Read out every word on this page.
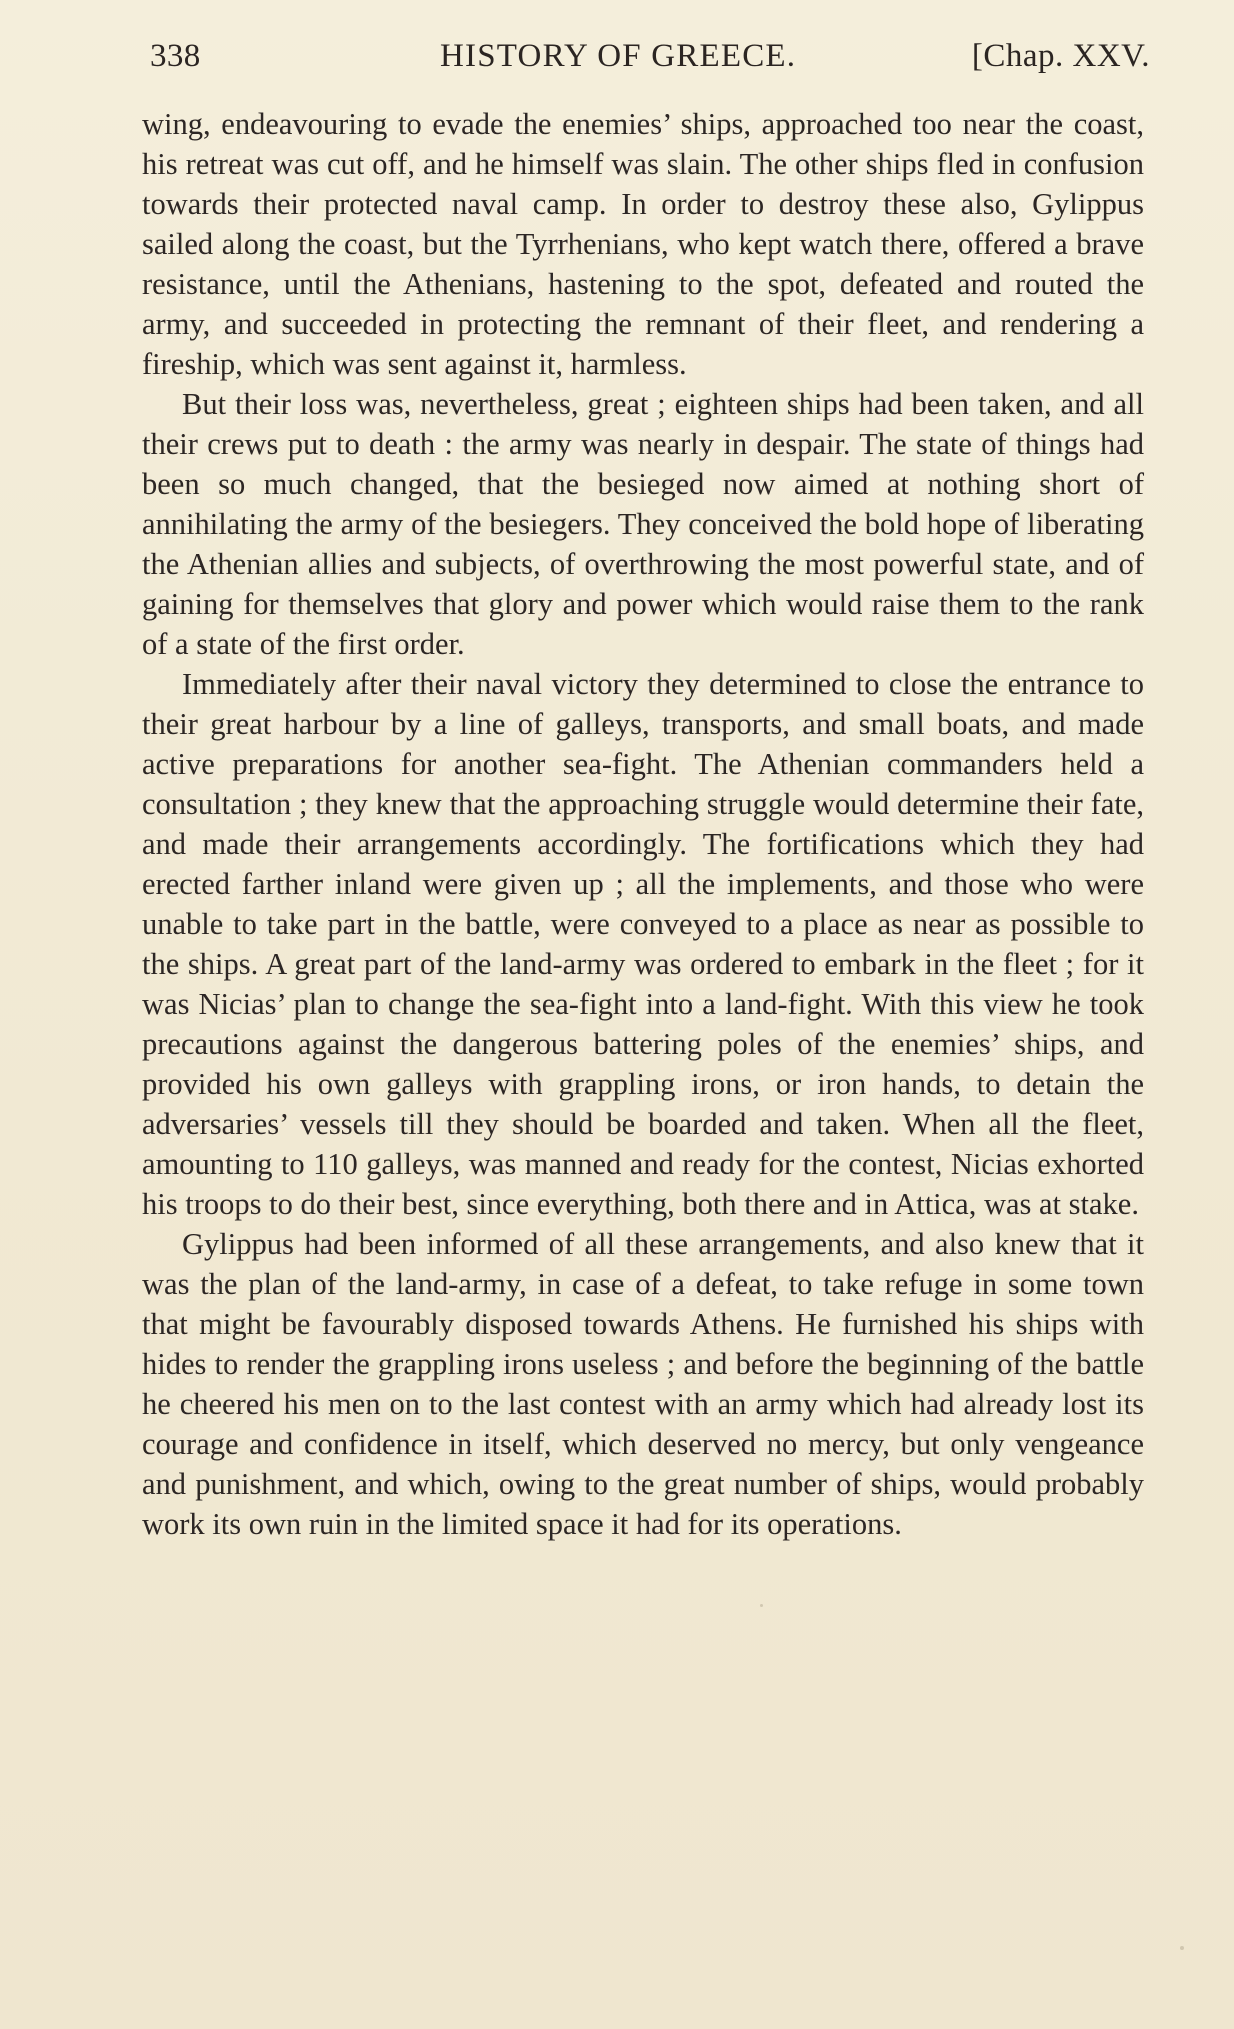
338	HISTORY OF GREECE.	[Chap. XXV.

wing, endeavouring to evade the enemies’ ships, approached too near the coast, his retreat was cut off, and he himself was slain. The other ships fled in confusion towards their protected naval camp. In order to destroy these also, Gylippus sailed along the coast, but the Tyrrhenians, who kept watch there, offered a brave resistance, until the Athenians, hastening to the spot, defeated and routed the army, and succeeded in protecting the remnant of their fleet, and rendering a fireship, which was sent against it, harmless.

But their loss was, nevertheless, great ; eighteen ships had been taken, and all their crews put to death : the army was nearly in despair. The state of things had been so much changed, that the besieged now aimed at nothing short of annihilating the army of the besiegers. They conceived the bold hope of liberating the Athenian allies and subjects, of overthrowing the most powerful state, and of gaining for themselves that glory and power which would raise them to the rank of a state of the first order.

Immediately after their naval victory they determined to close the entrance to their great harbour by a line of galleys, transports, and small boats, and made active preparations for another sea-fight. The Athenian commanders held a consultation ; they knew that the approaching struggle would determine their fate, and made their arrangements accordingly. The fortifications which they had erected farther inland were given up ; all the implements, and those who were unable to take part in the battle, were conveyed to a place as near as possible to the ships. A great part of the land-army was ordered to embark in the fleet ; for it was Nicias’ plan to change the sea-fight into a land-fight. With this view he took precautions against the dangerous battering poles of the enemies’ ships, and provided his own galleys with grappling irons, or iron hands, to detain the adversaries’ vessels till they should be boarded and taken. When all the fleet, amounting to 110 galleys, was manned and ready for the contest, Nicias exhorted his troops to do their best, since everything, both there and in Attica, was at stake.

Gylippus had been informed of all these arrangements, and also knew that it was the plan of the land-army, in case of a defeat, to take refuge in some town that might be favourably disposed towards Athens. He furnished his ships with hides to render the grappling irons useless ; and before the beginning of the battle he cheered his men on to the last contest with an army which had already lost its courage and confidence in itself, which deserved no mercy, but only vengeance and punishment, and which, owing to the great number of ships, would probably work its own ruin in the limited space it had for its operations.
